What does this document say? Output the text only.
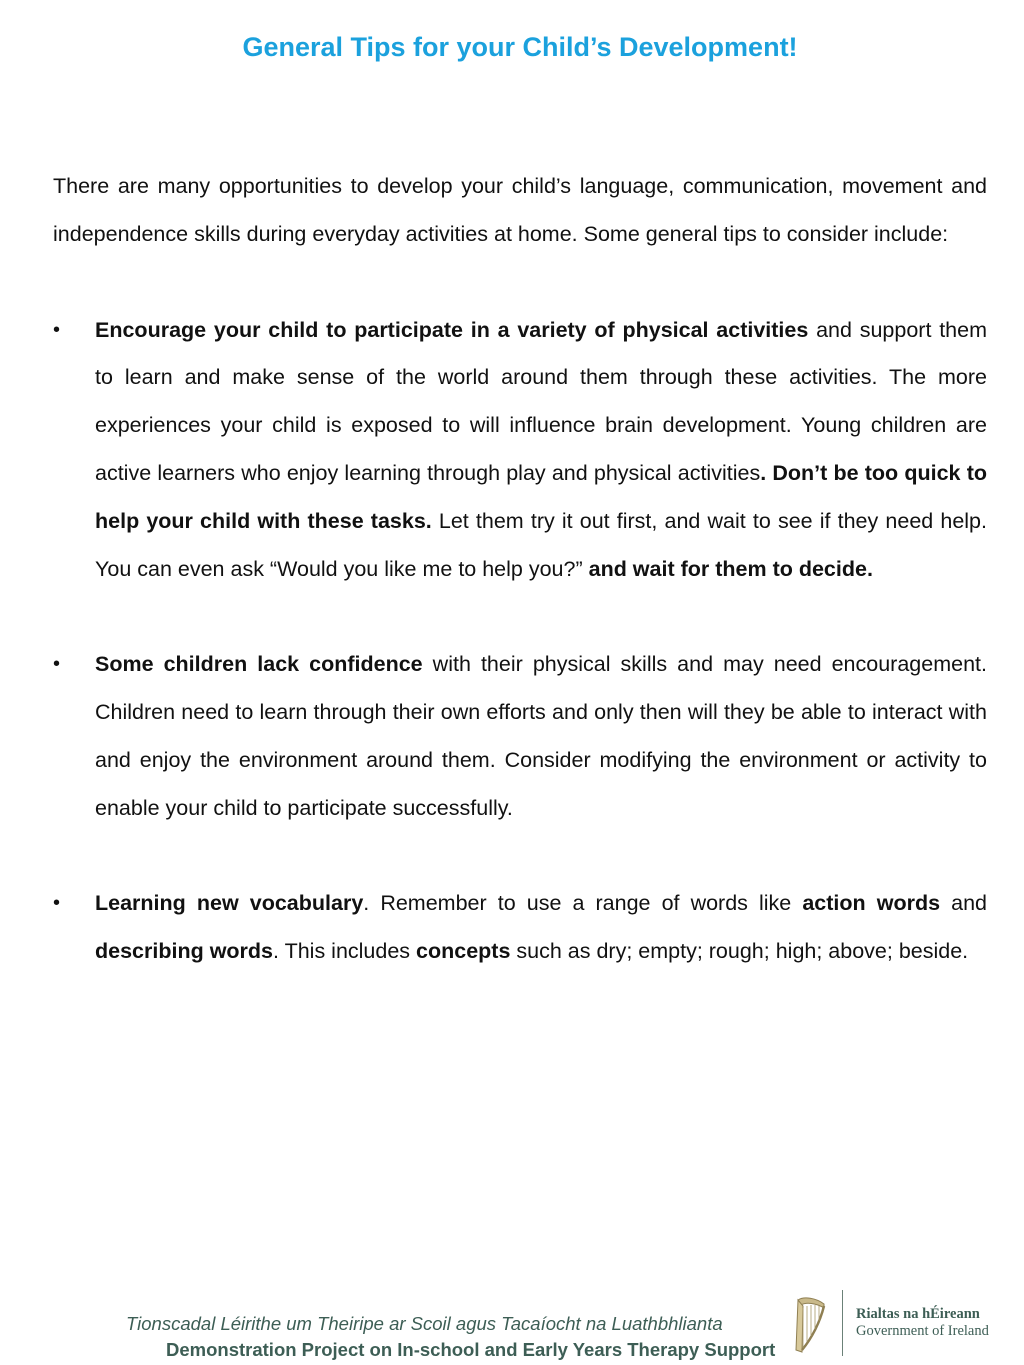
General Tips for your Child’s Development!

There are many opportunities to develop your child’s language, communication, movement and independence skills during everyday activities at home. Some general tips to consider include:

• Encourage your child to participate in a variety of physical activities and support them to learn and make sense of the world around them through these activities. The more experiences your child is exposed to will influence brain development. Young children are active learners who enjoy learning through play and physical activities. Don’t be too quick to help your child with these tasks. Let them try it out first, and wait to see if they need help. You can even ask “Would you like me to help you?” and wait for them to decide.
• Some children lack confidence with their physical skills and may need encouragement. Children need to learn through their own efforts and only then will they be able to interact with and enjoy the environment around them. Consider modifying the environment or activity to enable your child to participate successfully.
• Learning new vocabulary. Remember to use a range of words like action words and describing words. This includes concepts such as dry; empty; rough; high; above; beside.
Tionscadal Léirithe um Theiripe ar Scoil agus Tacaíocht na Luathbhlianta
Demonstration Project on In-school and Early Years Therapy Support
Rialtas na hÉireann
Government of Ireland
